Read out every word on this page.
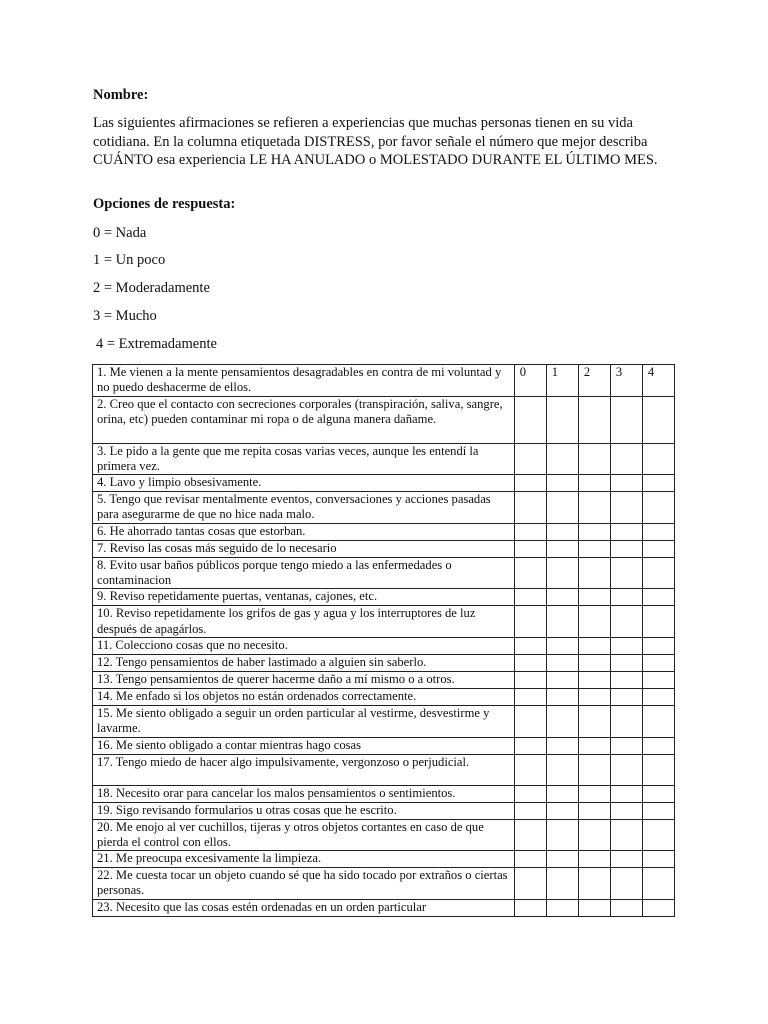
Nombre:

Las siguientes afirmaciones se refieren a experiencias que muchas personas tienen en su vida cotidiana. En la columna etiquetada DISTRESS, por favor señale el número que mejor describa CUÁNTO esa experiencia LE HA ANULADO o MOLESTADO DURANTE EL ÚLTIMO MES.

Opciones de respuesta:

0 = Nada

1 = Un poco

2 = Moderadamente

3 = Mucho

4 = Extremadamente

1. Me vienen a la mente pensamientos desagradables en contra de mi voluntad y no puedo deshacerme de ellos.	0	1	2	3	4
2. Creo que el contacto con secreciones corporales (transpiración, saliva, sangre, orina, etc) pueden contaminar mi ropa o de alguna manera dañame.					
3. Le pido a la gente que me repita cosas varias veces, aunque les entendí la primera vez.					
4. Lavo y limpio obsesivamente.					
5. Tengo que revisar mentalmente eventos, conversaciones y acciones pasadas para asegurarme de que no hice nada malo.					
6. He ahorrado tantas cosas que estorban.					
7. Reviso las cosas más seguido de lo necesario					
8. Evito usar baños públicos porque tengo miedo a las enfermedades o contaminacion					
9. Reviso repetidamente puertas, ventanas, cajones, etc.					
10. Reviso repetidamente los grifos de gas y agua y los interruptores de luz después de apagárlos.					
11. Colecciono cosas que no necesito.					
12. Tengo pensamientos de haber lastimado a alguien sin saberlo.					
13. Tengo pensamientos de querer hacerme daño a mí mismo o a otros.					
14. Me enfado si los objetos no están ordenados correctamente.					
15. Me siento obligado a seguir un orden particular al vestirme, desvestirme y lavarme.					
16. Me siento obligado a contar mientras hago cosas					
17. Tengo miedo de hacer algo impulsivamente, vergonzoso o perjudicial.					
18. Necesito orar para cancelar los malos pensamientos o sentimientos.					
19. Sigo revisando formularios u otras cosas que he escrito.					
20. Me enojo al ver cuchillos, tijeras y otros objetos cortantes en caso de que pierda el control con ellos.					
21. Me preocupa excesivamente la limpieza.					
22. Me cuesta tocar un objeto cuando sé que ha sido tocado por extraños o ciertas personas.					
23. Necesito que las cosas estén ordenadas en un orden particular					
